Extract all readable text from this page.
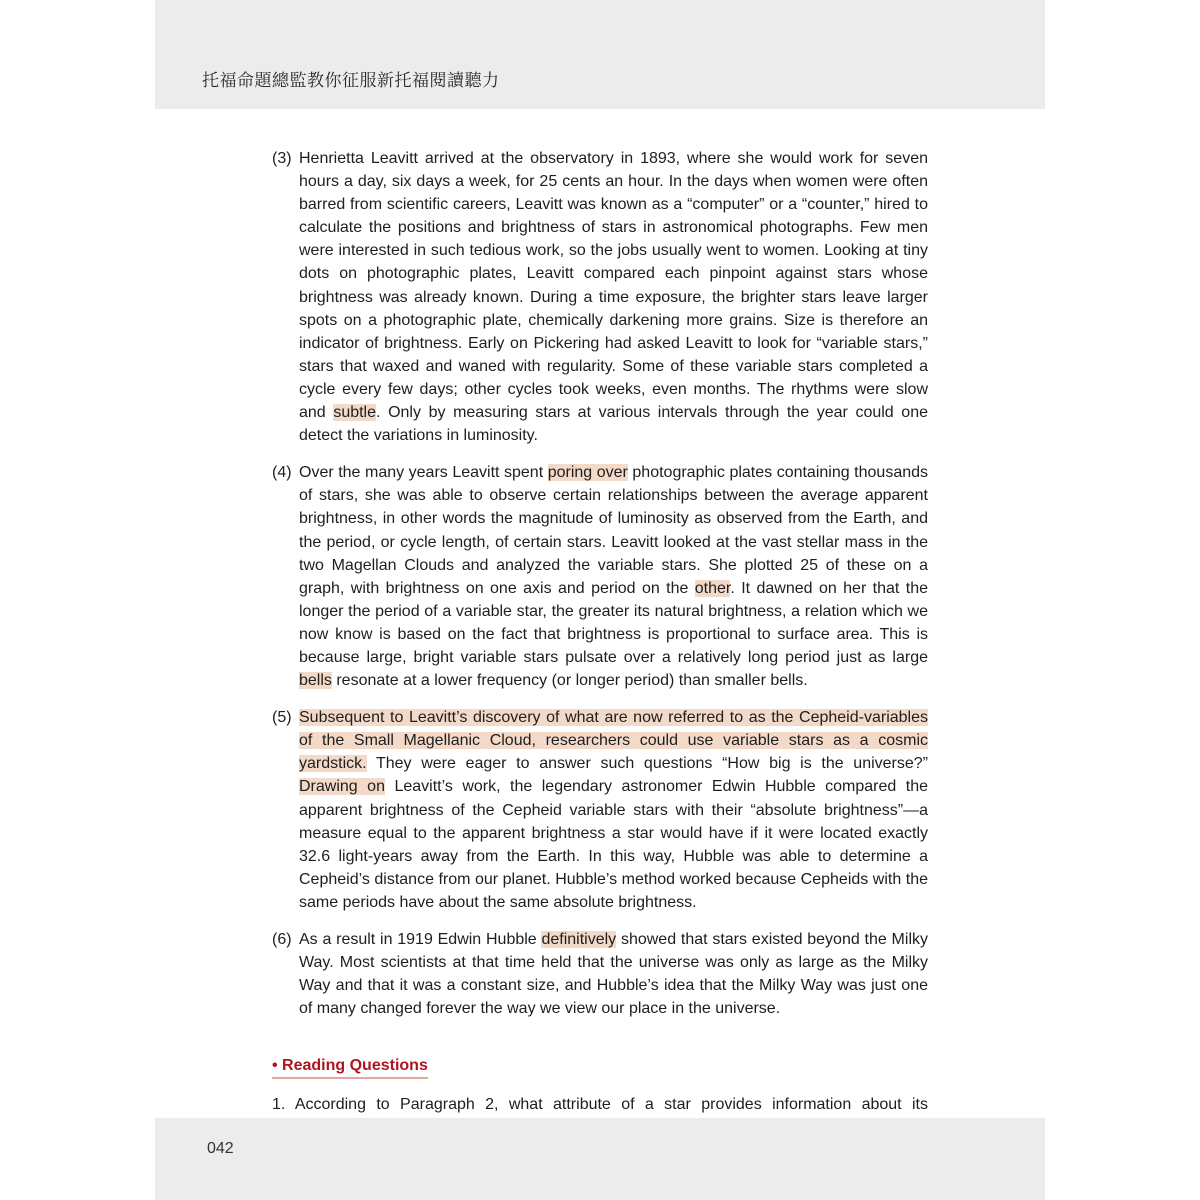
托福命題總監教你征服新托福閱讀聽力
(3) Henrietta Leavitt arrived at the observatory in 1893, where she would work for seven hours a day, six days a week, for 25 cents an hour. In the days when women were often barred from scientific careers, Leavitt was known as a “computer” or a “counter,” hired to calculate the positions and brightness of stars in astronomical photographs. Few men were interested in such tedious work, so the jobs usually went to women. Looking at tiny dots on photographic plates, Leavitt compared each pinpoint against stars whose brightness was already known. During a time exposure, the brighter stars leave larger spots on a photographic plate, chemically darkening more grains. Size is therefore an indicator of brightness. Early on Pickering had asked Leavitt to look for “variable stars,” stars that waxed and waned with regularity. Some of these variable stars completed a cycle every few days; other cycles took weeks, even months. The rhythms were slow and subtle. Only by measuring stars at various intervals through the year could one detect the variations in luminosity.
(4) Over the many years Leavitt spent poring over photographic plates containing thousands of stars, she was able to observe certain relationships between the average apparent brightness, in other words the magnitude of luminosity as observed from the Earth, and the period, or cycle length, of certain stars. Leavitt looked at the vast stellar mass in the two Magellan Clouds and analyzed the variable stars. She plotted 25 of these on a graph, with brightness on one axis and period on the other. It dawned on her that the longer the period of a variable star, the greater its natural brightness, a relation which we now know is based on the fact that brightness is proportional to surface area. This is because large, bright variable stars pulsate over a relatively long period just as large bells resonate at a lower frequency (or longer period) than smaller bells.
(5) Subsequent to Leavitt’s discovery of what are now referred to as the Cepheid-variables of the Small Magellanic Cloud, researchers could use variable stars as a cosmic yardstick. They were eager to answer such questions “How big is the universe?” Drawing on Leavitt’s work, the legendary astronomer Edwin Hubble compared the apparent brightness of the Cepheid variable stars with their “absolute brightness”—a measure equal to the apparent brightness a star would have if it were located exactly 32.6 light-years away from the Earth. In this way, Hubble was able to determine a Cepheid’s distance from our planet. Hubble’s method worked because Cepheids with the same periods have about the same absolute brightness.
(6) As a result in 1919 Edwin Hubble definitively showed that stars existed beyond the Milky Way. Most scientists at that time held that the universe was only as large as the Milky Way and that it was a constant size, and Hubble’s idea that the Milky Way was just one of many changed forever the way we view our place in the universe.
• Reading Questions
1. According to Paragraph 2, what attribute of a star provides information about its
042
